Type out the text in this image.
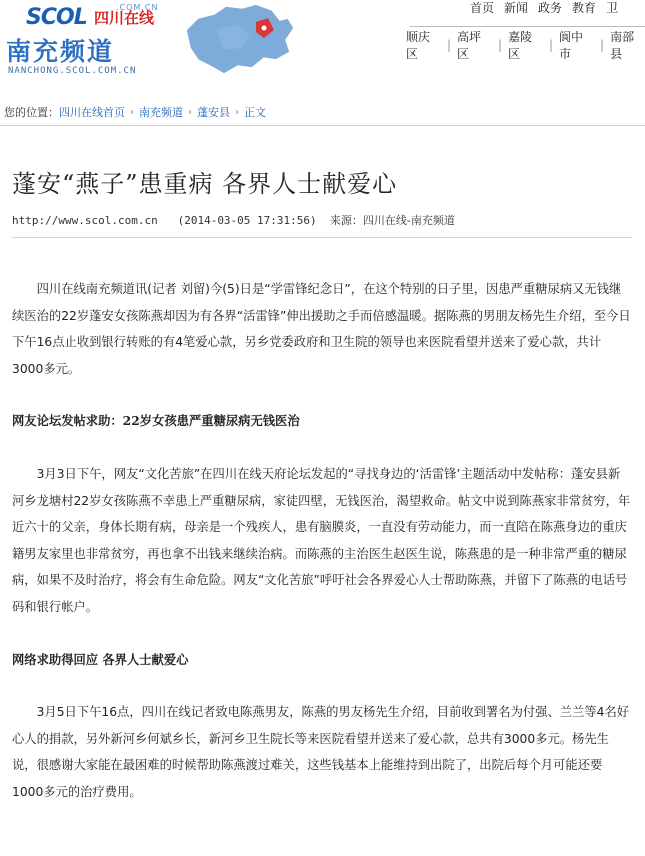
SCOL	.COM.CN
四川在线
南充频道
NANCHONG.SCOL.COM.CN
首页 新闻 政务 教育 卫
顺庆区
|
高坪区
|
嘉陵区
|
阆中市
|
南部县
您的位置： 四川在线首页 › 南充频道 › 蓬安县 › 正文
蓬安“燕子”患重病 各界人士献爱心
http://www.scol.com.cn (2014-03-05 17:31:56) 来源：四川在线-南充频道

四川在线南充频道讯(记者 刘留)今(5)日是“学雷锋纪念日”，在这个特别的日子里，因患严重糖尿病又无钱继续医治的22岁蓬安女孩陈燕却因为有各界“活雷锋”伸出援助之手而倍感温暖。据陈燕的男朋友杨先生介绍，至今日下午16点止收到银行转账的有4笔爱心款，另乡党委政府和卫生院的领导也来医院看望并送来了爱心款，共计3000多元。

网友论坛发帖求助：22岁女孩患严重糖尿病无钱医治

3月3日下午，网友“文化苦旅”在四川在线天府论坛发起的“寻找身边的‘活雷锋’主题活动中发帖称：蓬安县新河乡龙塘村22岁女孩陈燕不幸患上严重糖尿病，家徒四壁，无钱医治，渴望救命。帖文中说到陈燕家非常贫穷，年近六十的父亲，身体长期有病，母亲是一个残疾人，患有脑膜炎，一直没有劳动能力，而一直陪在陈燕身边的重庆籍男友家里也非常贫穷，再也拿不出钱来继续治病。而陈燕的主治医生赵医生说，陈燕患的是一种非常严重的糖尿病，如果不及时治疗，将会有生命危险。网友“文化苦旅”呼吁社会各界爱心人士帮助陈燕，并留下了陈燕的电话号码和银行帐户。

网络求助得回应 各界人士献爱心

3月5日下午16点，四川在线记者致电陈燕男友，陈燕的男友杨先生介绍，目前收到署名为付强、兰兰等4名好心人的捐款，另外新河乡何斌乡长，新河乡卫生院长等来医院看望并送来了爱心款，总共有3000多元。杨先生说，很感谢大家能在最困难的时候帮助陈燕渡过难关，这些钱基本上能维持到出院了，出院后每个月可能还要1000多元的治疗费用。
